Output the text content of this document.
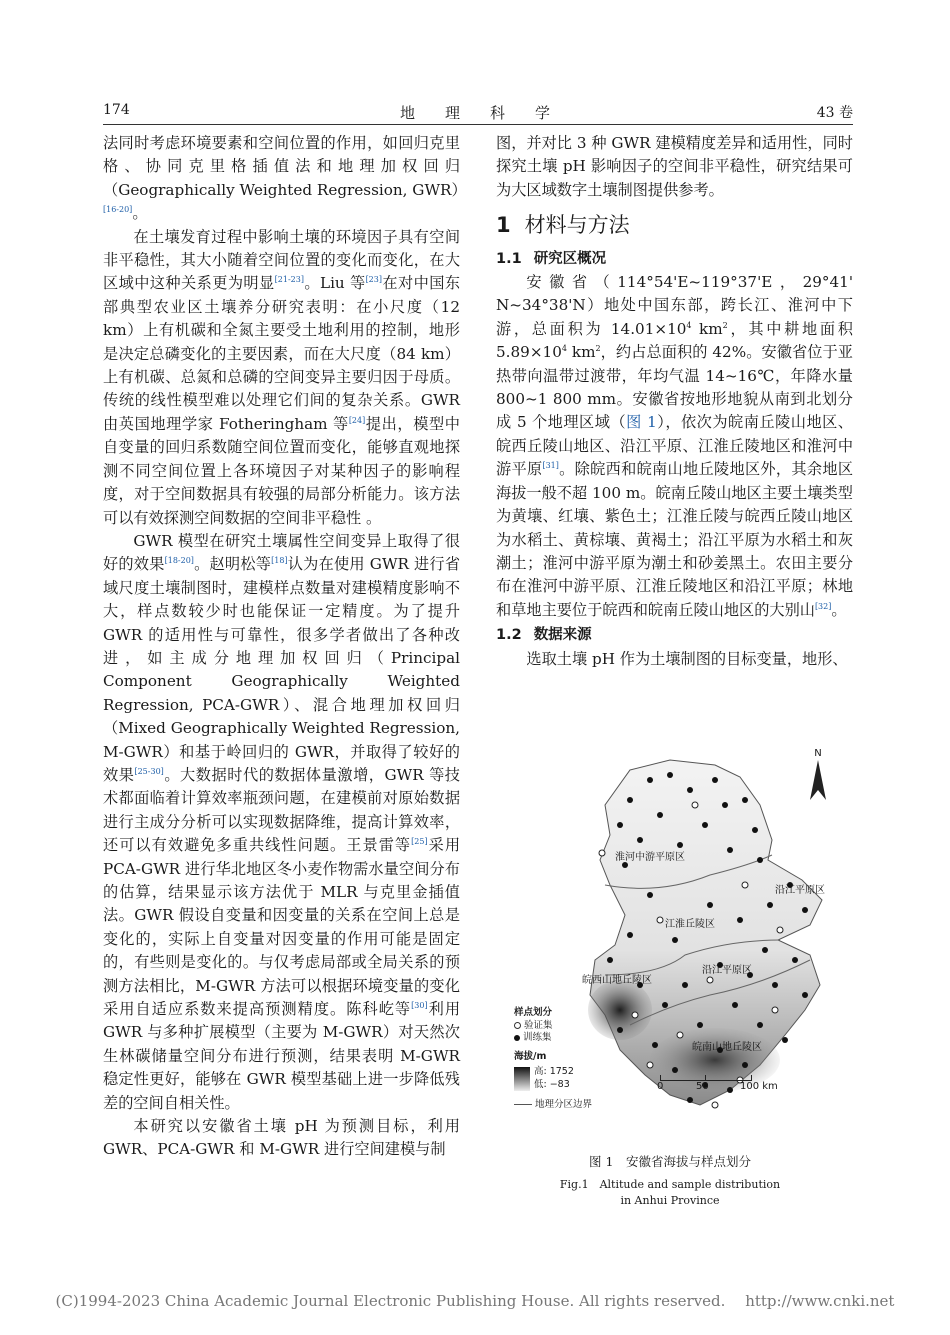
174	地理科学	43 卷

法同时考虑环境要素和空间位置的作用，如回归克里格、协同克里格插值法和地理加权回归（Geographically Weighted Regression, GWR）[16-20]。

在土壤发育过程中影响土壤的环境因子具有空间非平稳性，其大小随着空间位置的变化而变化，在大区域中这种关系更为明显[21-23]。Liu 等[23]在对中国东部典型农业区土壤养分研究表明：在小尺度（12 km）上有机碳和全氮主要受土地利用的控制，地形是决定总磷变化的主要因素，而在大尺度（84 km）上有机碳、总氮和总磷的空间变异主要归因于母质。传统的线性模型难以处理它们间的复杂关系。GWR 由英国地理学家 Fotheringham 等[24]提出，模型中自变量的回归系数随空间位置而变化，能够直观地探测不同空间位置上各环境因子对某种因子的影响程度，对于空间数据具有较强的局部分析能力。该方法可以有效探测空间数据的空间非平稳性 。

GWR 模型在研究土壤属性空间变异上取得了很好的效果[18-20]。赵明松等[18]认为在使用 GWR 进行省域尺度土壤制图时，建模样点数量对建模精度影响不大，样点数较少时也能保证一定精度。为了提升 GWR 的适用性与可靠性，很多学者做出了各种改进，如主成分地理加权回归（Principal Component Geographically Weighted Regression, PCA-GWR）、混合地理加权回归（Mixed Geographically Weighted Regression, M-GWR）和基于岭回归的 GWR，并取得了较好的效果[25-30]。大数据时代的数据体量激增，GWR 等技术都面临着计算效率瓶颈问题，在建模前对原始数据进行主成分分析可以实现数据降维，提高计算效率，还可以有效避免多重共线性问题。王景雷等[25]采用 PCA-GWR 进行华北地区冬小麦作物需水量空间分布的估算，结果显示该方法优于 MLR 与克里金插值法。GWR 假设自变量和因变量的关系在空间上总是变化的，实际上自变量对因变量的作用可能是固定的，有些则是变化的。与仅考虑局部或全局关系的预测方法相比，M-GWR 方法可以根据环境变量的变化采用自适应系数来提高预测精度。陈科屹等[30]利用 GWR 与多种扩展模型（主要为 M-GWR）对天然次生林碳储量空间分布进行预测，结果表明 M-GWR 稳定性更好，能够在 GWR 模型基础上进一步降低残差的空间自相关性。

本研究以安徽省土壤 pH 为预测目标，利用 GWR、PCA-GWR 和 M-GWR 进行空间建模与制

图，并对比 3 种 GWR 建模精度差异和适用性，同时探究土壤 pH 影响因子的空间非平稳性，研究结果可为大区域数字土壤制图提供参考。

1 材料与方法

1.1 研究区概况

安徽省（114°54'E~119°37'E，29°41' N~34°38'N）地处中国东部，跨长江、淮河中下游，总面积为 $14.01\times 10^4$ $km^2$，其中耕地面积 $5.89\times 10^4$ $km^2$，约占总面积的 42%。安徽省位于亚热带向温带过渡带，年均气温 14~16℃，年降水量 800~1 800 mm。安徽省按地形地貌从南到北划分成 5 个地理区域（图 1），依次为皖南丘陵山地区、皖西丘陵山地区、沿江平原、江淮丘陵地区和淮河中游平原[31]。除皖西和皖南山地丘陵地区外，其余地区海拔一般不超 100 m。皖南丘陵山地区主要土壤类型为黄壤、红壤、紫色土；江淮丘陵与皖西丘陵山地区为水稻土、黄棕壤、黄褐土；沿江平原为水稻土和灰潮土；淮河中游平原为潮土和砂姜黑土。农田主要分布在淮河中游平原、江淮丘陵地区和沿江平原；林地和草地主要位于皖西和皖南丘陵山地区的大别山[32]。

1.2 数据来源

选取土壤 pH 作为土壤制图的目标变量，地形、

淮河中游平原区
沿江平原区
江淮丘陵区
皖西山地丘陵区
沿江平原区
皖南山地丘陵区
N
样点划分
验证集
训练集
海拔/m
高: 1752
低: −83
地理分区边界
0	50	100 km
图 1　安徽省海拔与样点划分
Fig.1　Altitude and sample distribution
in Anhui Province
(C)1994-2023 China Academic Journal Electronic Publishing House. All rights reserved.　 http://www.cnki.net
